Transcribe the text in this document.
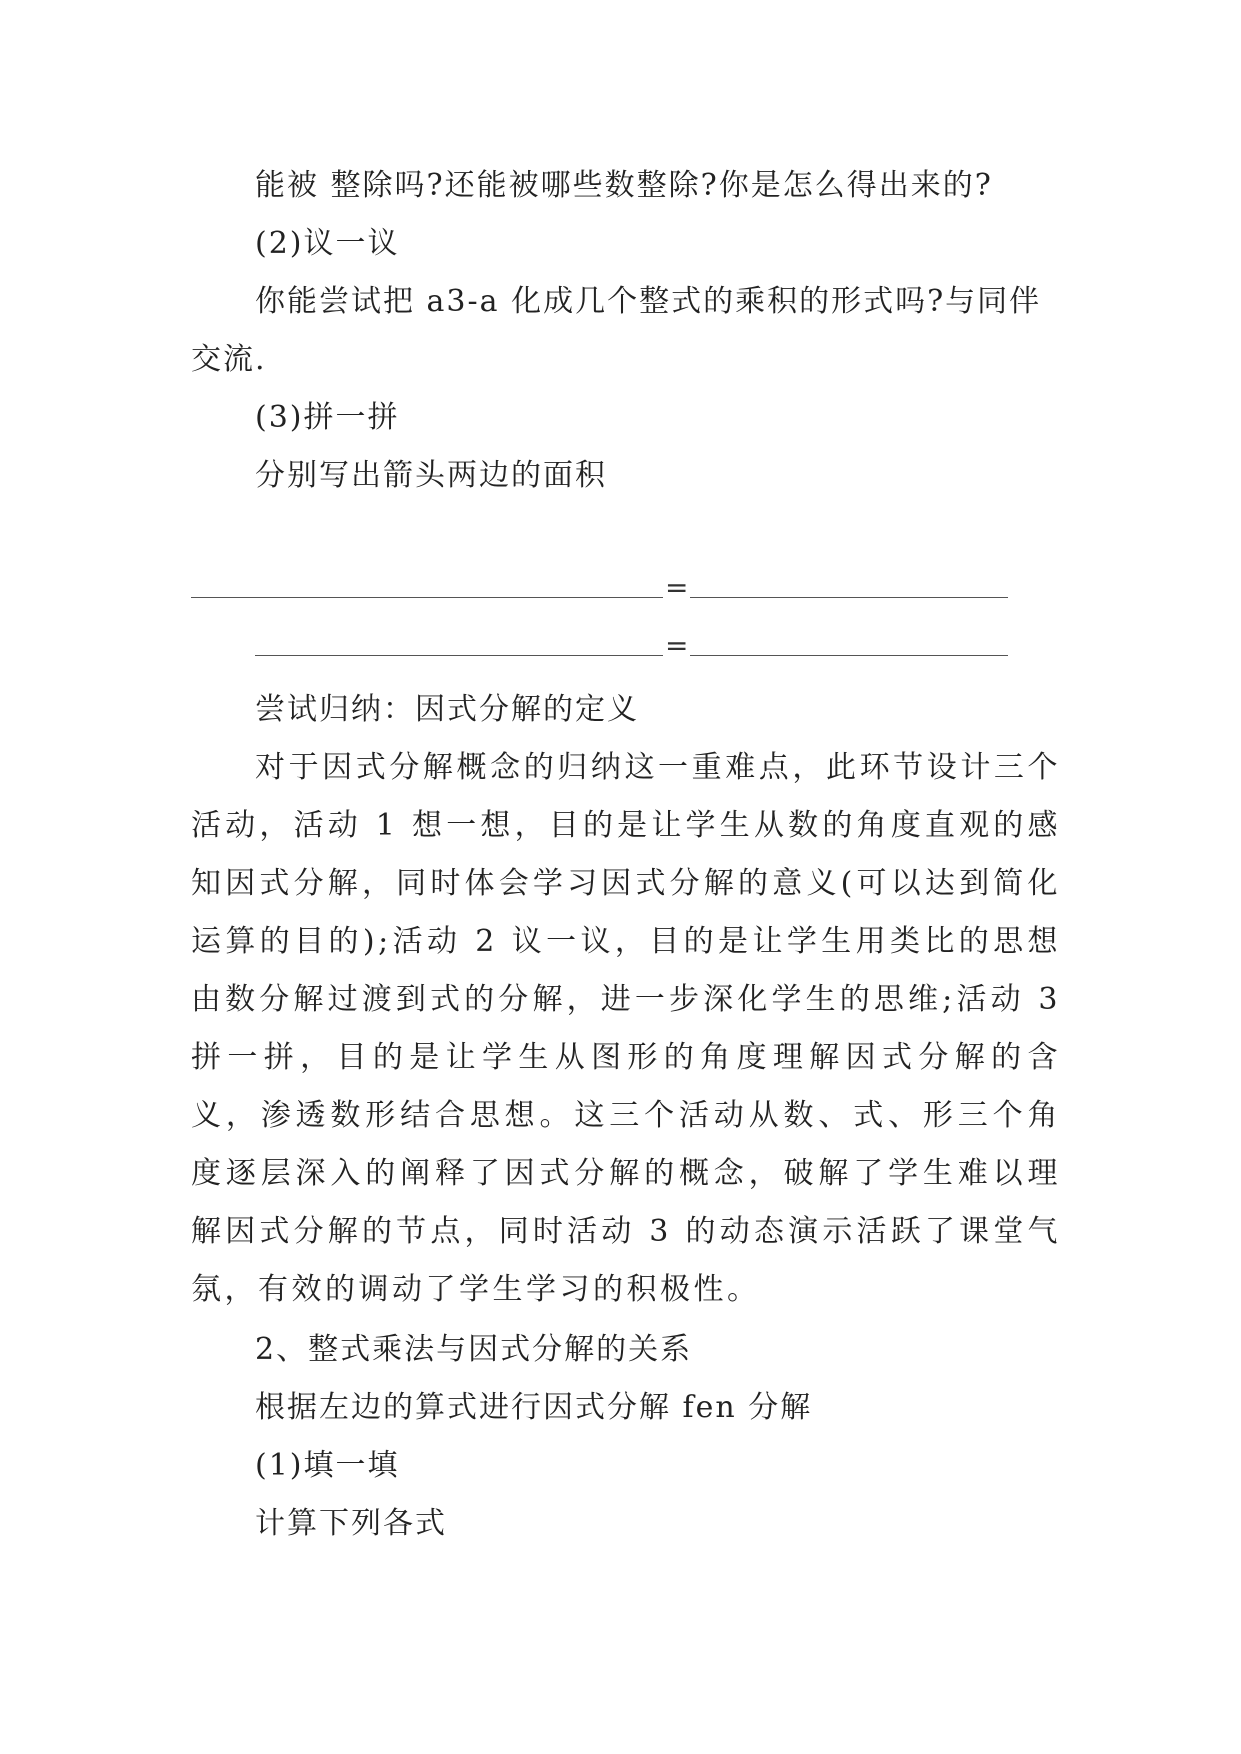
能被 整除吗?还能被哪些数整除?你是怎么得出来的?
(2)议一议
你能尝试把 a3-a 化成几个整式的乘积的形式吗?与同伴
交流.
(3)拼一拼
分别写出箭头两边的面积
=
=
尝试归纳：因式分解的定义
对于因式分解概念的归纳这一重难点，此环节设计三个活动，活动 1 想一想，目的是让学生从数的角度直观的感知因式分解，同时体会学习因式分解的意义(可以达到简化运算的目的);活动 2 议一议，目的是让学生用类比的思想由数分解过渡到式的分解，进一步深化学生的思维;活动 3 拼一拼，目的是让学生从图形的角度理解因式分解的含义，渗透数形结合思想。这三个活动从数、式、形三个角度逐层深入的阐释了因式分解的概念，破解了学生难以理解因式分解的节点，同时活动 3 的动态演示活跃了课堂气氛，有效的调动了学生学习的积极性。
2、整式乘法与因式分解的关系
根据左边的算式进行因式分解 fen 分解
(1)填一填
计算下列各式
